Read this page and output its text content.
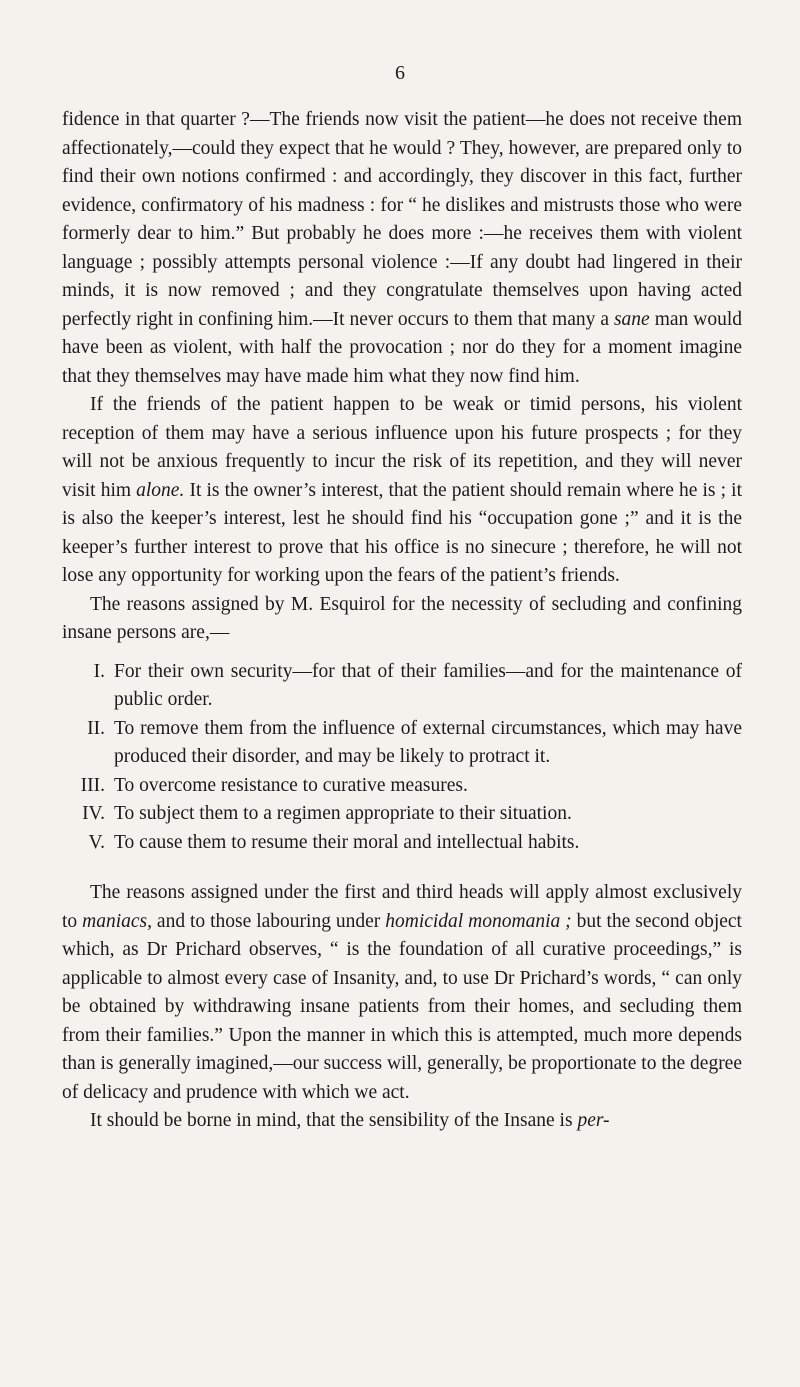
6

fidence in that quarter ?—The friends now visit the patient—he does not receive them affectionately,—could they expect that he would ? They, however, are prepared only to find their own notions confirmed : and accordingly, they discover in this fact, further evidence, confirmatory of his madness : for “ he dislikes and mistrusts those who were formerly dear to him.” But probably he does more :—he receives them with violent language ; possibly attempts personal violence :—If any doubt had lingered in their minds, it is now removed ; and they congratulate themselves upon having acted perfectly right in confining him.—It never occurs to them that many a sane man would have been as violent, with half the provocation ; nor do they for a moment imagine that they themselves may have made him what they now find him.

If the friends of the patient happen to be weak or timid persons, his violent reception of them may have a serious influence upon his future prospects ; for they will not be anxious frequently to incur the risk of its repetition, and they will never visit him alone. It is the owner’s interest, that the patient should remain where he is ; it is also the keeper’s interest, lest he should find his “occupation gone ;” and it is the keeper’s further interest to prove that his office is no sinecure ; therefore, he will not lose any opportunity for working upon the fears of the patient’s friends.

The reasons assigned by M. Esquirol for the necessity of secluding and confining insane persons are,—

I. For their own security—for that of their families—and for the maintenance of public order.
II. To remove them from the influence of external circumstances, which may have produced their disorder, and may be likely to protract it.
III. To overcome resistance to curative measures.
IV. To subject them to a regimen appropriate to their situation.
V. To cause them to resume their moral and intellectual habits.

The reasons assigned under the first and third heads will apply almost exclusively to maniacs, and to those labouring under homicidal monomania ; but the second object which, as Dr Prichard observes, “ is the foundation of all curative proceedings,” is applicable to almost every case of Insanity, and, to use Dr Prichard’s words, “ can only be obtained by withdrawing insane patients from their homes, and secluding them from their families.” Upon the manner in which this is attempted, much more depends than is generally imagined,—our success will, generally, be proportionate to the degree of delicacy and prudence with which we act.

It should be borne in mind, that the sensibility of the Insane is per-
